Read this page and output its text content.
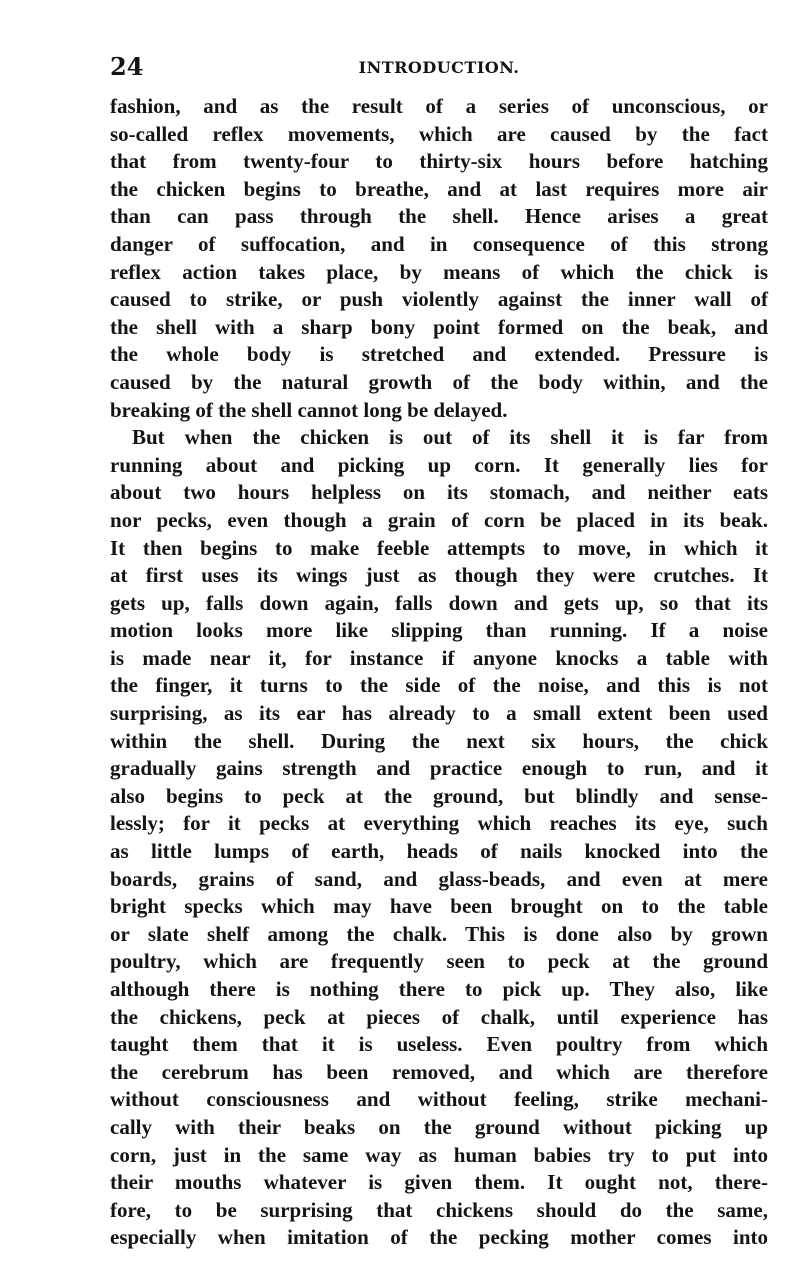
24	INTRODUCTION.
fashion, and as the result of a series of unconscious, or
so-called reflex movements, which are caused by the fact
that from twenty-four to thirty-six hours before hatching
the chicken begins to breathe, and at last requires more air
than can pass through the shell. Hence arises a great
danger of suffocation, and in consequence of this strong
reflex action takes place, by means of which the chick is
caused to strike, or push violently against the inner wall of
the shell with a sharp bony point formed on the beak, and
the whole body is stretched and extended. Pressure is
caused by the natural growth of the body within, and the
breaking of the shell cannot long be delayed.
But when the chicken is out of its shell it is far from
running about and picking up corn. It generally lies for
about two hours helpless on its stomach, and neither eats
nor pecks, even though a grain of corn be placed in its beak.
It then begins to make feeble attempts to move, in which it
at first uses its wings just as though they were crutches. It
gets up, falls down again, falls down and gets up, so that its
motion looks more like slipping than running. If a noise
is made near it, for instance if anyone knocks a table with
the finger, it turns to the side of the noise, and this is not
surprising, as its ear has already to a small extent been used
within the shell. During the next six hours, the chick
gradually gains strength and practice enough to run, and it
also begins to peck at the ground, but blindly and sense-
lessly; for it pecks at everything which reaches its eye, such
as little lumps of earth, heads of nails knocked into the
boards, grains of sand, and glass-beads, and even at mere
bright specks which may have been brought on to the table
or slate shelf among the chalk. This is done also by grown
poultry, which are frequently seen to peck at the ground
although there is nothing there to pick up. They also, like
the chickens, peck at pieces of chalk, until experience has
taught them that it is useless. Even poultry from which
the cerebrum has been removed, and which are therefore
without consciousness and without feeling, strike mechani-
cally with their beaks on the ground without picking up
corn, just in the same way as human babies try to put into
their mouths whatever is given them. It ought not, there-
fore, to be surprising that chickens should do the same,
especially when imitation of the pecking mother comes into
